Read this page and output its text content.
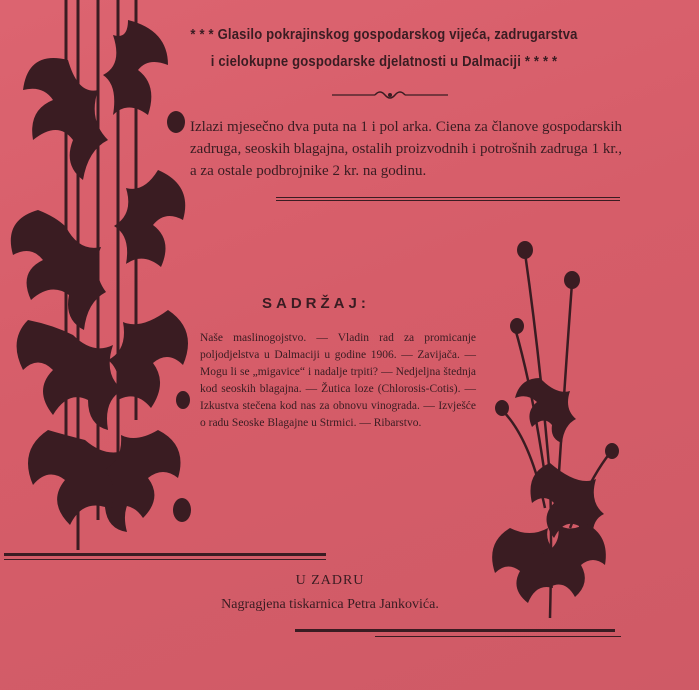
* * * Glasilo pokrajinskog gospodarskog vijeća, zadrugarstva
i cielokupne gospodarske djelatnosti u Dalmaciji * * * *
Izlazi mjesečno dva puta na 1 i pol arka. Ciena za članove gospodarskih zadruga, seoskih blagajna, ostalih proizvodnih i potrošnih zadruga 1 kr., a za ostale podbrojnike 2 kr. na godinu.
SADRŽAJ:
Naše maslinogojstvo. — Vladin rad za promicanje poljodjelstva u Dalmaciji u godine 1906. — Zavijača. — Mogu li se „migavice“ i nadalje trpiti? — Nedjeljna štednja kod seoskih blagajna. — Žutica loze (Chlorosis-Cotis). — Izkustva stečena kod nas za obnovu vinograda. — Izvješće o radu Seoske Blagajne u Strmici. — Ribarstvo.
U ZADRU
Nagragjena tiskarnica Petra Jankovića.
